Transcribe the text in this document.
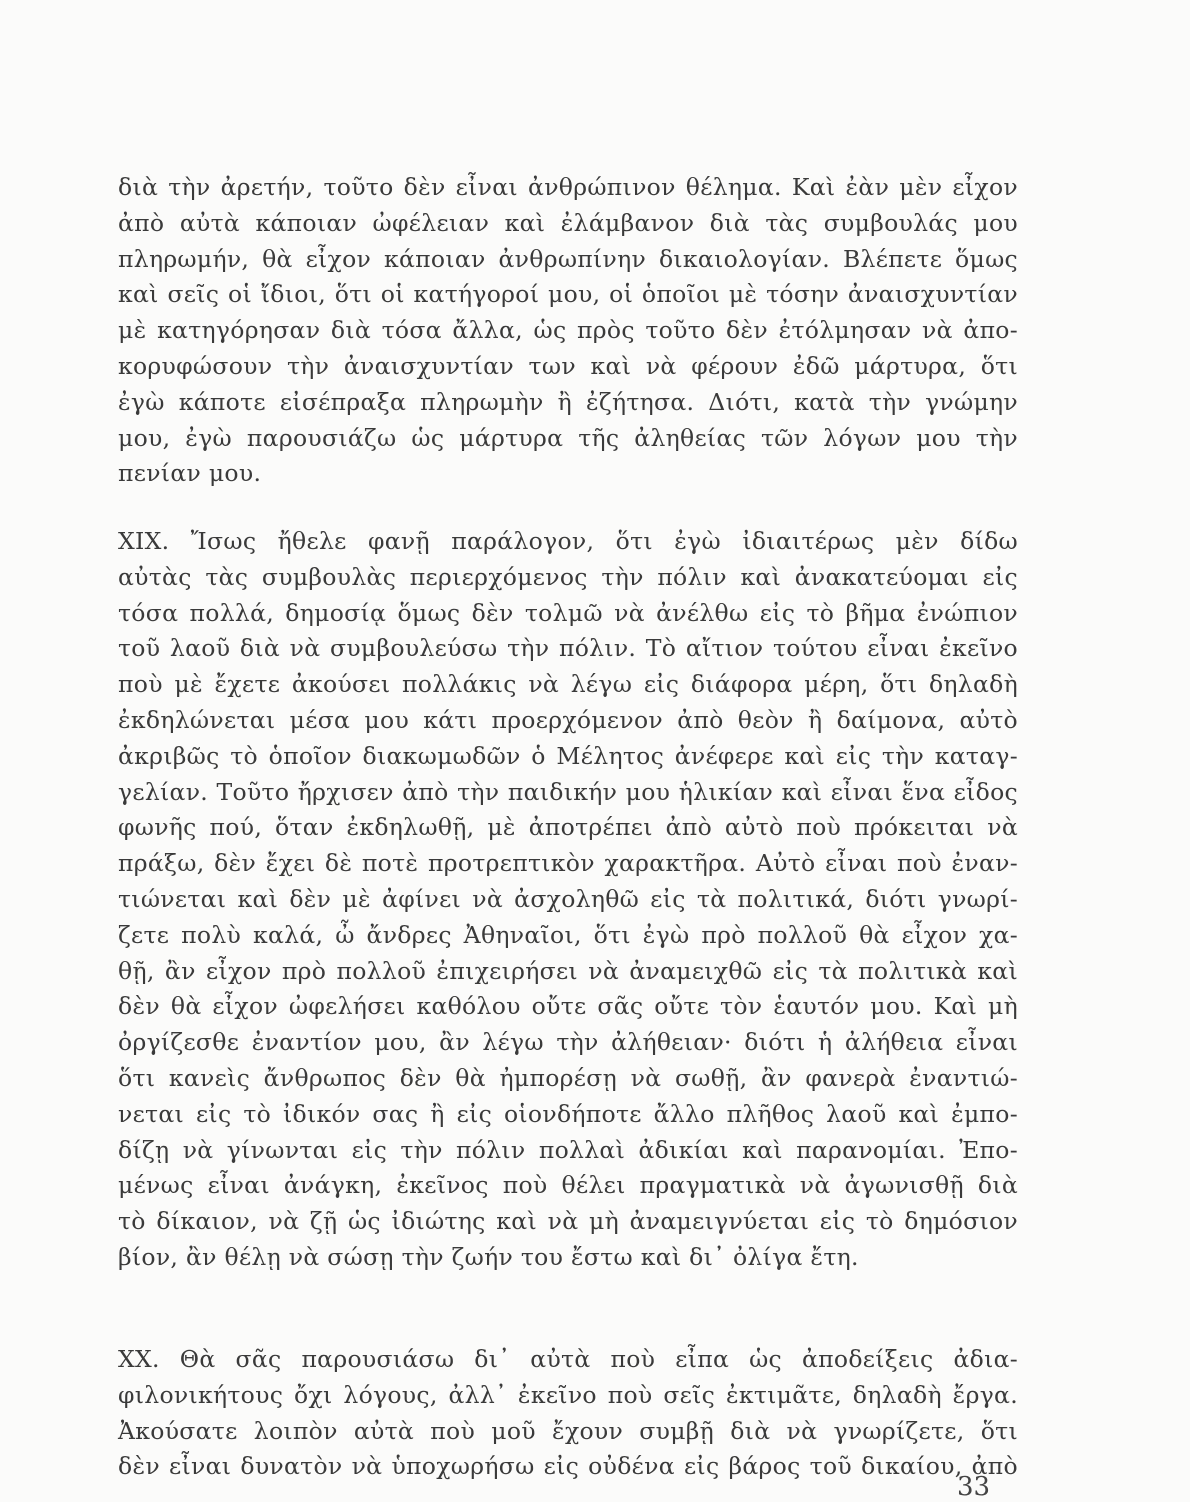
διὰ τὴν ἀρετήν, τοῦτο δὲν εἶναι ἀνθρώπινον θέλημα. Καὶ ἐὰν μὲν εἶχον
ἀπὸ αὐτὰ κάποιαν ὠφέλειαν καὶ ἐλάμβανον διὰ τὰς συμβουλάς μου
πληρωμήν, θὰ εἶχον κάποιαν ἀνθρωπίνην δικαιολογίαν. Βλέπετε ὅμως
καὶ σεῖς οἱ ἴδιοι, ὅτι οἱ κατήγοροί μου, οἱ ὁποῖοι μὲ τόσην ἀναισχυντίαν
μὲ κατηγόρησαν διὰ τόσα ἄλλα, ὡς πρὸς τοῦτο δὲν ἐτόλμησαν νὰ ἀπο-
κορυφώσουν τὴν ἀναισχυντίαν των καὶ νὰ φέρουν ἐδῶ μάρτυρα, ὅτι
ἐγὼ κάποτε εἰσέπραξα πληρωμὴν ἢ ἐζήτησα. Διότι, κατὰ τὴν γνώμην
μου, ἐγὼ παρουσιάζω ὡς μάρτυρα τῆς ἀληθείας τῶν λόγων μου τὴν
πενίαν μου.
XIX. Ἴσως ἤθελε φανῇ παράλογον, ὅτι ἐγὼ ἰδιαιτέρως μὲν δίδω
αὐτὰς τὰς συμβουλὰς περιερχόμενος τὴν πόλιν καὶ ἀνακατεύομαι εἰς
τόσα πολλά, δημοσίᾳ ὅμως δὲν τολμῶ νὰ ἀνέλθω εἰς τὸ βῆμα ἐνώπιον
τοῦ λαοῦ διὰ νὰ συμβουλεύσω τὴν πόλιν. Τὸ αἴτιον τούτου εἶναι ἐκεῖνο
ποὺ μὲ ἔχετε ἀκούσει πολλάκις νὰ λέγω εἰς διάφορα μέρη, ὅτι δηλαδὴ
ἐκδηλώνεται μέσα μου κάτι προερχόμενον ἀπὸ θεὸν ἢ δαίμονα, αὐτὸ
ἀκριβῶς τὸ ὁποῖον διακωμωδῶν ὁ Μέλητος ἀνέφερε καὶ εἰς τὴν καταγ-
γελίαν. Τοῦτο ἤρχισεν ἀπὸ τὴν παιδικήν μου ἡλικίαν καὶ εἶναι ἕνα εἶδος
φωνῆς πού, ὅταν ἐκδηλωθῇ, μὲ ἀποτρέπει ἀπὸ αὐτὸ ποὺ πρόκειται νὰ
πράξω, δὲν ἔχει δὲ ποτὲ προτρεπτικὸν χαρακτῆρα. Αὐτὸ εἶναι ποὺ ἐναν-
τιώνεται καὶ δὲν μὲ ἀφίνει νὰ ἀσχοληθῶ εἰς τὰ πολιτικά, διότι γνωρί-
ζετε πολὺ καλά, ὦ ἄνδρες Ἀθηναῖοι, ὅτι ἐγὼ πρὸ πολλοῦ θὰ εἶχον χα-
θῇ, ἂν εἶχον πρὸ πολλοῦ ἐπιχειρήσει νὰ ἀναμειχθῶ εἰς τὰ πολιτικὰ καὶ
δὲν θὰ εἶχον ὠφελήσει καθόλου οὔτε σᾶς οὔτε τὸν ἑαυτόν μου. Καὶ μὴ
ὀργίζεσθε ἐναντίον μου, ἂν λέγω τὴν ἀλήθειαν· διότι ἡ ἀλήθεια εἶναι
ὅτι κανεὶς ἄνθρωπος δὲν θὰ ἠμπορέσῃ νὰ σωθῇ, ἂν φανερὰ ἐναντιώ-
νεται εἰς τὸ ἰδικόν σας ἢ εἰς οἱονδήποτε ἄλλο πλῆθος λαοῦ καὶ ἐμπο-
δίζῃ νὰ γίνωνται εἰς τὴν πόλιν πολλαὶ ἀδικίαι καὶ παρανομίαι. Ἐπο-
μένως εἶναι ἀνάγκη, ἐκεῖνος ποὺ θέλει πραγματικὰ νὰ ἀγωνισθῇ διὰ
τὸ δίκαιον, νὰ ζῇ ὡς ἰδιώτης καὶ νὰ μὴ ἀναμειγνύεται εἰς τὸ δημόσιον
βίον, ἂν θέλῃ νὰ σώσῃ τὴν ζωήν του ἔστω καὶ δι᾿ ὀλίγα ἔτη.
XX. Θὰ σᾶς παρουσιάσω δι᾿ αὐτὰ ποὺ εἶπα ὡς ἀποδείξεις ἀδια-
φιλονικήτους ὄχι λόγους, ἀλλ᾿ ἐκεῖνο ποὺ σεῖς ἐκτιμᾶτε, δηλαδὴ ἔργα.
Ἀκούσατε λοιπὸν αὐτὰ ποὺ μοῦ ἔχουν συμβῇ διὰ νὰ γνωρίζετε, ὅτι
δὲν εἶναι δυνατὸν νὰ ὑποχωρήσω εἰς οὐδένα εἰς βάρος τοῦ δικαίου, ἀπὸ
33
